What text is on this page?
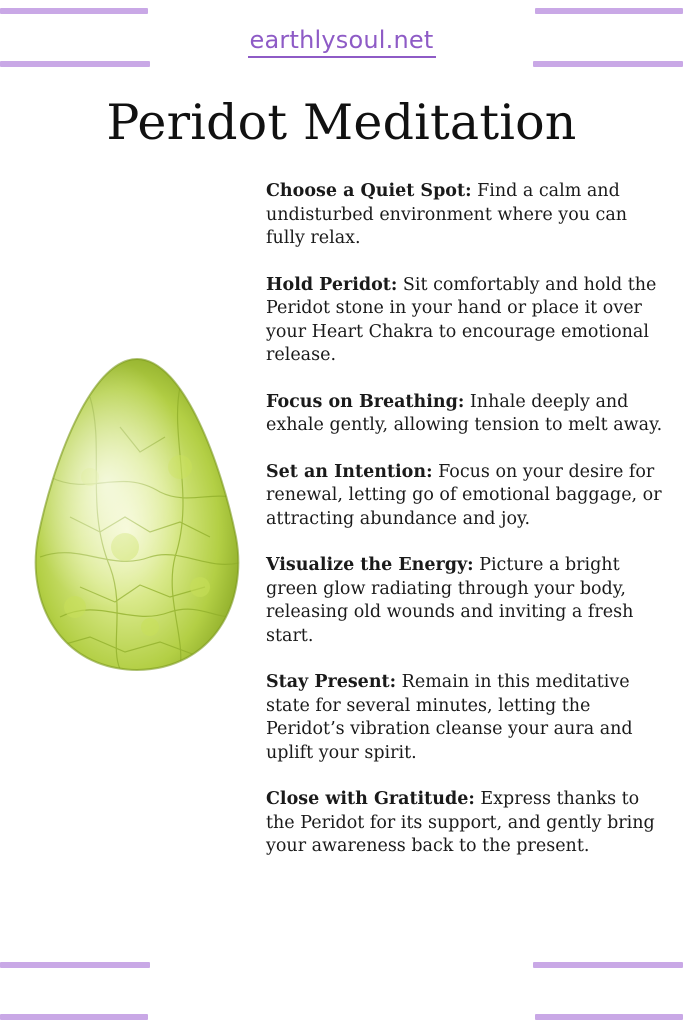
earthlysoul.net
Peridot Meditation

Choose a Quiet Spot: Find a calm and undisturbed environment where you can fully relax.

Hold Peridot: Sit comfortably and hold the Peridot stone in your hand or place it over your Heart Chakra to encourage emotional release.

Focus on Breathing: Inhale deeply and exhale gently, allowing tension to melt away.

Set an Intention: Focus on your desire for renewal, letting go of emotional baggage, or attracting abundance and joy.

Visualize the Energy: Picture a bright green glow radiating through your body, releasing old wounds and inviting a fresh start.

Stay Present: Remain in this meditative state for several minutes, letting the Peridot’s vibration cleanse your aura and uplift your spirit.

Close with Gratitude: Express thanks to the Peridot for its support, and gently bring your awareness back to the present.
